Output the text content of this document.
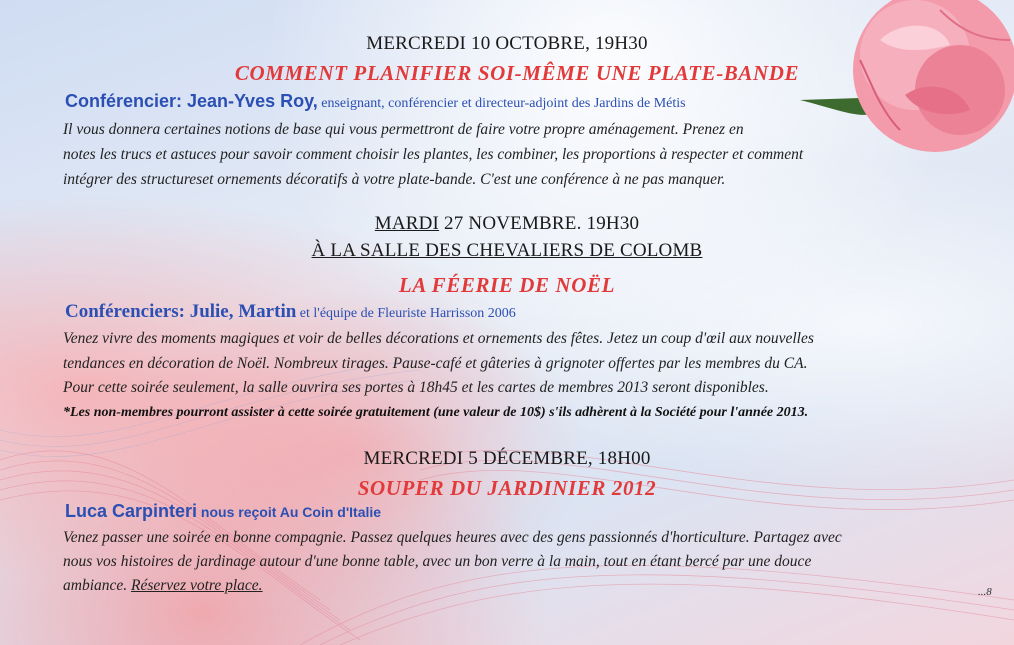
MERCREDI 10 OCTOBRE, 19H30
COMMENT PLANIFIER SOI-MÊME UNE PLATE-BANDE
Conférencier: Jean-Yves Roy, enseignant, conférencier et directeur-adjoint des Jardins de Métis
Il vous donnera certaines notions de base qui vous permettront de faire votre propre aménagement. Prenez en
notes les trucs et astuces pour savoir comment choisir les plantes, les combiner, les proportions à respecter et comment
intégrer des structureset ornements décoratifs à votre plate-bande. C'est une conférence à ne pas manquer.
MARDI 27 NOVEMBRE. 19H30
À LA SALLE DES CHEVALIERS DE COLOMB
LA FÉERIE DE NOËL
Conférenciers: Julie, Martin et l'équipe de Fleuriste Harrisson 2006
Venez vivre des moments magiques et voir de belles décorations et ornements des fêtes. Jetez un coup d'œil aux nouvelles
tendances en décoration de Noël. Nombreux tirages. Pause-café et gâteries à grignoter offertes par les membres du CA.
Pour cette soirée seulement, la salle ouvrira ses portes à 18h45 et les cartes de membres 2013 seront disponibles.
*Les non-membres pourront assister à cette soirée gratuitement (une valeur de 10$) s'ils adhèrent à la Société pour l'année 2013.
MERCREDI 5 DÉCEMBRE, 18H00
SOUPER DU JARDINIER 2012
Luca Carpinteri nous reçoit Au Coin d'Italie
Venez passer une soirée en bonne compagnie. Passez quelques heures avec des gens passionnés d'horticulture. Partagez avec
nous vos histoires de jardinage autour d'une bonne table, avec un bon verre à la main, tout en étant bercé par une douce
ambiance. Réservez votre place.	...8
